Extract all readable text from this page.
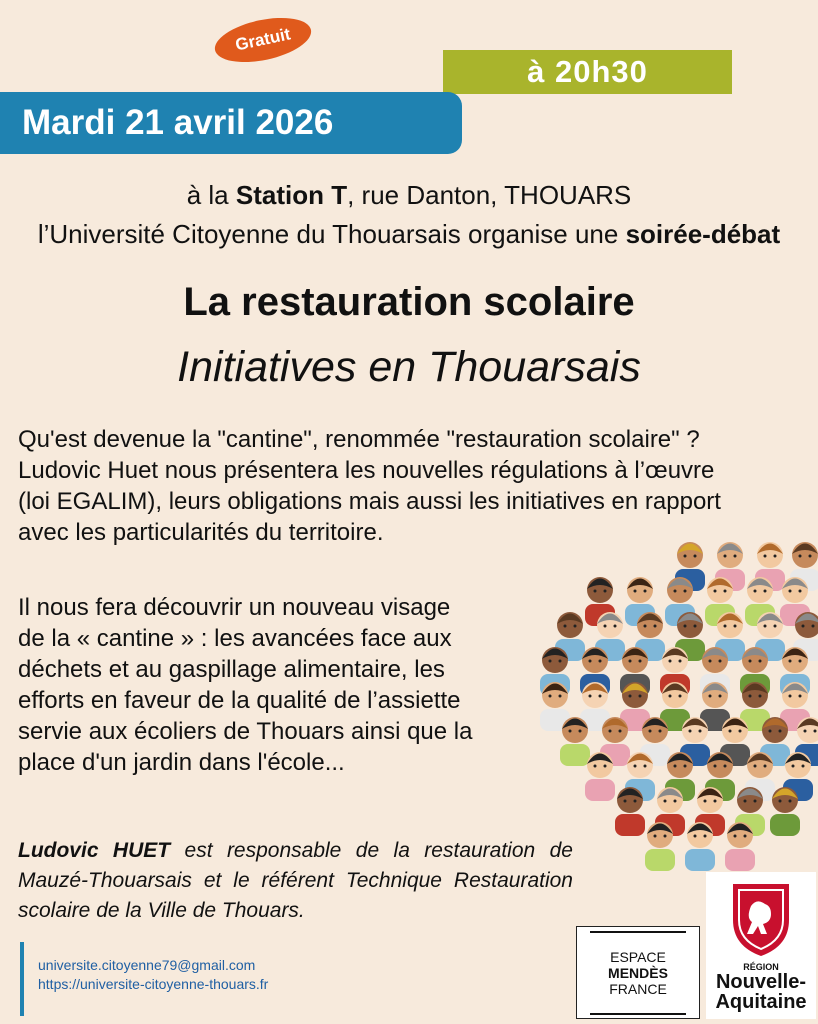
Gratuit
à 20h30
Mardi 21 avril 2026
à la Station T, rue Danton, THOUARS
l’Université Citoyenne du Thouarsais organise une soirée-débat
La restauration scolaire
Initiatives en Thouarsais
Qu'est devenue la "cantine", renommée "restauration scolaire" ?
Ludovic Huet nous présentera les nouvelles régulations à l’œuvre
(loi EGALIM), leurs obligations mais aussi les initiatives en rapport
avec les particularités du territoire.
Il nous fera découvrir un nouveau visage
de la « cantine » : les avancées face aux
déchets et au gaspillage alimentaire, les
efforts en faveur de la qualité de l’assiette
servie aux écoliers de Thouars ainsi que la
place d'un jardin dans l'école...
Ludovic HUET est responsable de la restauration de Mauzé-Thouarsais et le référent Technique Restauration scolaire de la Ville de Thouars.
universite.citoyenne79@gmail.com
https://universite-citoyenne-thouars.fr
ESPACE
MENDÈS
FRANCE
RÉGION
Nouvelle-
Aquitaine
